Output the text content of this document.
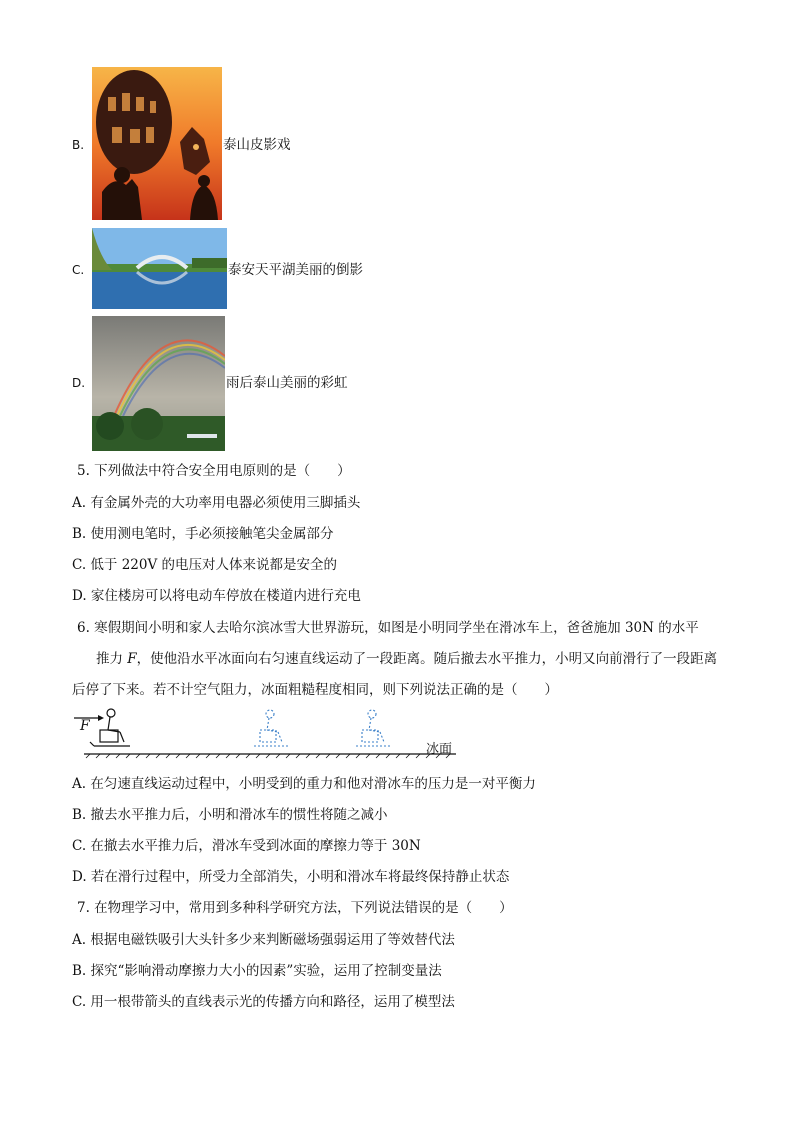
B.	泰山皮影戏
C.	泰安天平湖美丽的倒影
D.	雨后泰山美丽的彩虹
5. 下列做法中符合安全用电原则的是（　　）
A. 有金属外壳的大功率用电器必须使用三脚插头
B. 使用测电笔时，手必须接触笔尖金属部分
C. 低于 220V 的电压对人体来说都是安全的
D. 家住楼房可以将电动车停放在楼道内进行充电
6. 寒假期间小明和家人去哈尔滨冰雪大世界游玩，如图是小明同学坐在滑冰车上，爸爸施加 30N 的水平
推力 F，使他沿水平冰面向右匀速直线运动了一段距离。随后撤去水平推力，小明又向前滑行了一段距离
后停了下来。若不计空气阻力，冰面粗糙程度相同，则下列说法正确的是（　　）
F
冰面
A. 在匀速直线运动过程中，小明受到的重力和他对滑冰车的压力是一对平衡力
B. 撤去水平推力后，小明和滑冰车的惯性将随之减小
C. 在撤去水平推力后，滑冰车受到冰面的摩擦力等于 30N
D. 若在滑行过程中，所受力全部消失，小明和滑冰车将最终保持静止状态
7. 在物理学习中，常用到多种科学研究方法，下列说法错误的是（　　）
A. 根据电磁铁吸引大头针多少来判断磁场强弱运用了等效替代法
B. 探究“影响滑动摩擦力大小的因素”实验，运用了控制变量法
C. 用一根带箭头的直线表示光的传播方向和路径，运用了模型法
